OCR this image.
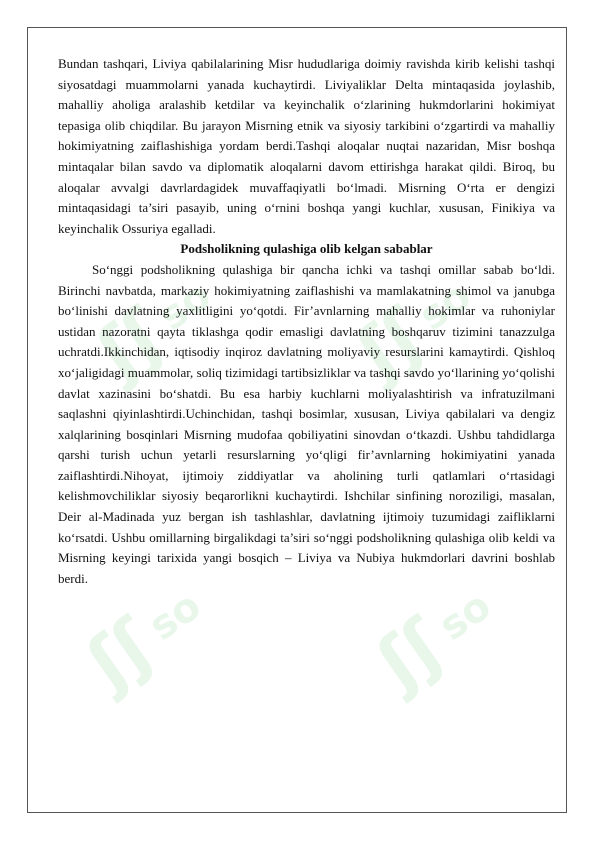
ʃʃ
so ʃʃ
so
ʃʃ
so ʃʃ
so

Bundan tashqari, Liviya qabilalarining Misr hududlariga doimiy ravishda kirib kelishi tashqi siyosatdagi muammolarni yanada kuchaytirdi. Liviyaliklar Delta mintaqasida joylashib, mahalliy aholiga aralashib ketdilar va keyinchalik o‘zlarining hukmdorlarini hokimiyat tepasiga olib chiqdilar. Bu jarayon Misrning etnik va siyosiy tarkibini o‘zgartirdi va mahalliy hokimiyatning zaiflashishiga yordam berdi.Tashqi aloqalar nuqtai nazaridan, Misr boshqa mintaqalar bilan savdo va diplomatik aloqalarni davom ettirishga harakat qildi. Biroq, bu aloqalar avvalgi davrlardagidek muvaffaqiyatli bo‘lmadi. Misrning O‘rta er dengizi mintaqasidagi ta’siri pasayib, uning o‘rnini boshqa yangi kuchlar, xususan, Finikiya va keyinchalik Ossuriya egalladi.

Podsholikning qulashiga olib kelgan sabablar

So‘nggi podsholikning qulashiga bir qancha ichki va tashqi omillar sabab bo‘ldi. Birinchi navbatda, markaziy hokimiyatning zaiflashishi va mamlakatning shimol va janubga bo‘linishi davlatning yaxlitligini yo‘qotdi. Fir’avnlarning mahalliy hokimlar va ruhoniylar ustidan nazoratni qayta tiklashga qodir emasligi davlatning boshqaruv tizimini tanazzulga uchratdi.Ikkinchidan, iqtisodiy inqiroz davlatning moliyaviy resurslarini kamaytirdi. Qishloq xo‘jaligidagi muammolar, soliq tizimidagi tartibsizliklar va tashqi savdo yo‘llarining yo‘qolishi davlat xazinasini bo‘shatdi. Bu esa harbiy kuchlarni moliyalashtirish va infratuzilmani saqlashni qiyinlashtirdi.Uchinchidan, tashqi bosimlar, xususan, Liviya qabilalari va dengiz xalqlarining bosqinlari Misrning mudofaa qobiliyatini sinovdan o‘tkazdi. Ushbu tahdidlarga qarshi turish uchun yetarli resurslarning yo‘qligi fir’avnlarning hokimiyatini yanada zaiflashtirdi.Nihoyat, ijtimoiy ziddiyatlar va aholining turli qatlamlari o‘rtasidagi kelishmovchiliklar siyosiy beqarorlikni kuchaytirdi. Ishchilar sinfining noroziligi, masalan, Deir al-Madinada yuz bergan ish tashlashlar, davlatning ijtimoiy tuzumidagi zaifliklarni ko‘rsatdi. Ushbu omillarning birgalikdagi ta’siri so‘nggi podsholikning qulashiga olib keldi va Misrning keyingi tarixida yangi bosqich – Liviya va Nubiya hukmdorlari davrini boshlab berdi.
